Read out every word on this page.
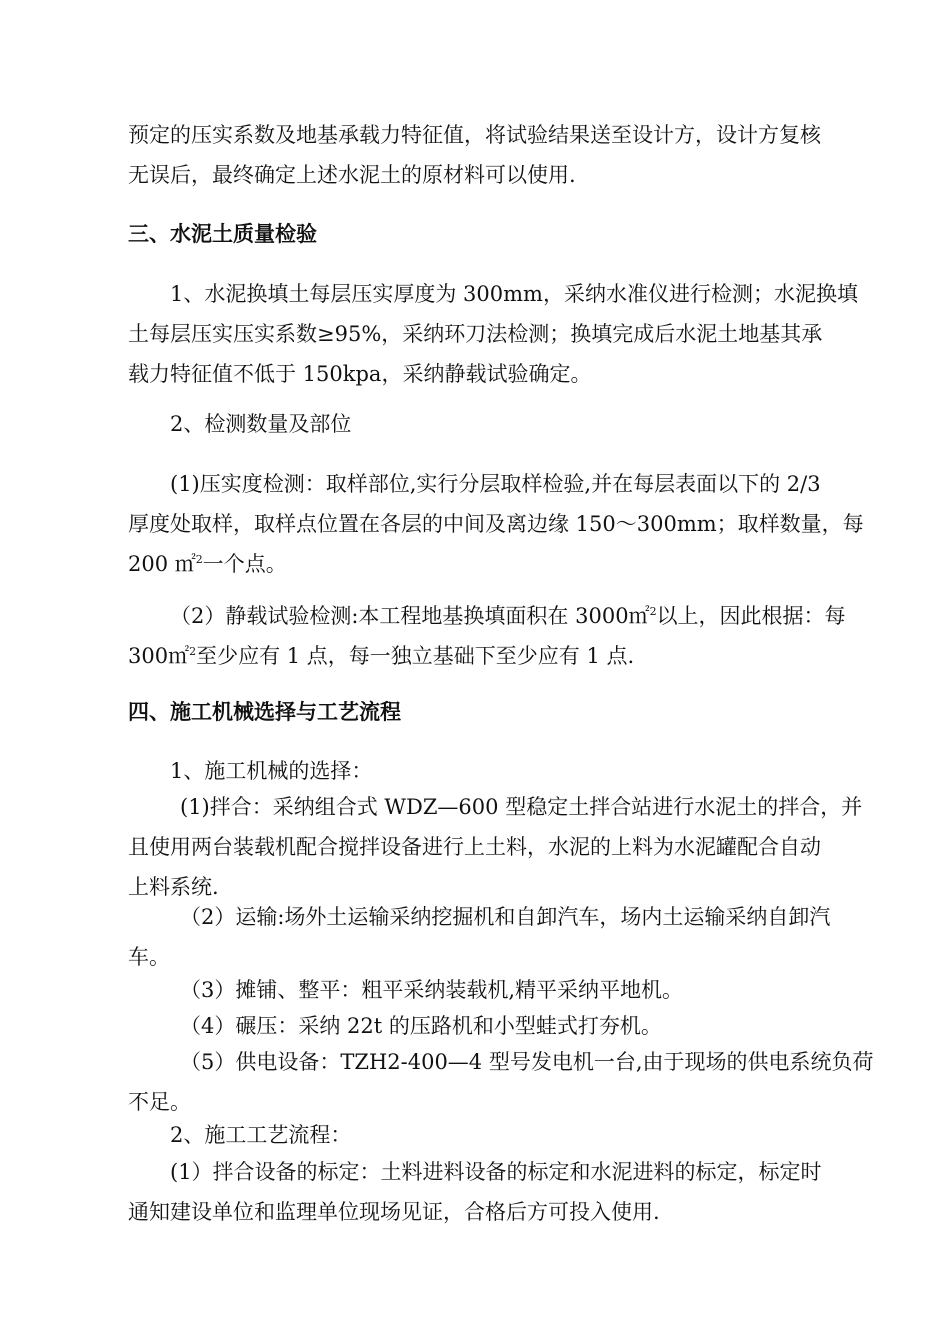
预定的压实系数及地基承载力特征值，将试验结果送至设计方，设计方复核
无误后，最终确定上述水泥土的原材料可以使用.

三、水泥土质量检验

1、水泥换填土每层压实厚度为 300mm，采纳水准仪进行检测；水泥换填
土每层压实压实系数≥95%，采纳环刀法检测；换填完成后水泥土地基其承
载力特征值不低于 150kpa，采纳静载试验确定。

2、检测数量及部位

(1)压实度检测：取样部位,实行分层取样检验,并在每层表面以下的 2/3
厚度处取样，取样点位置在各层的中间及离边缘 150～300mm；取样数量，每
200 ㎡$^2$一个点。

（2）静载试验检测:本工程地基换填面积在 3000㎡$^2$以上，因此根据：每
300㎡$^2$至少应有 1 点，每一独立基础下至少应有 1 点.

四、施工机械选择与工艺流程

1、施工机械的选择：

(1)拌合：采纳组合式 WDZ—600 型稳定土拌合站进行水泥土的拌合，并
且使用两台装载机配合搅拌设备进行上土料，水泥的上料为水泥罐配合自动
上料系统.

（2）运输:场外土运输采纳挖掘机和自卸汽车，场内土运输采纳自卸汽
车。

（3）摊铺、整平：粗平采纳装载机,精平采纳平地机。

（4）碾压：采纳 22t 的压路机和小型蛙式打夯机。

（5）供电设备：TZH2-400—4 型号发电机一台,由于现场的供电系统负荷
不足。

2、施工工艺流程：

(1）拌合设备的标定：土料进料设备的标定和水泥进料的标定，标定时
通知建设单位和监理单位现场见证，合格后方可投入使用.
